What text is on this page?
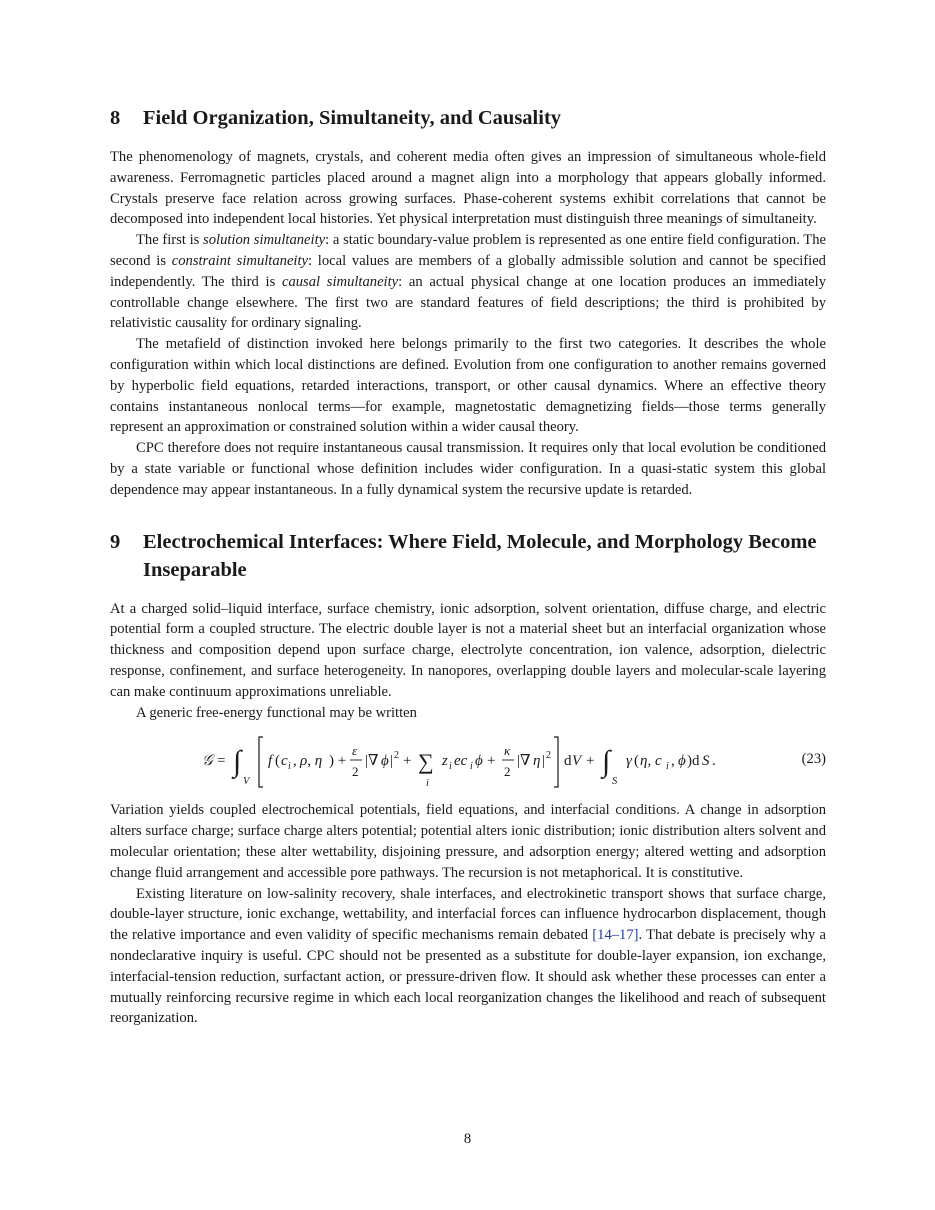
8	Field Organization, Simultaneity, and Causality

The phenomenology of magnets, crystals, and coherent media often gives an impression of simultaneous whole-field awareness. Ferromagnetic particles placed around a magnet align into a morphology that appears globally informed. Crystals preserve face relation across growing surfaces. Phase-coherent systems exhibit correlations that cannot be decomposed into independent local histories. Yet physical interpretation must distinguish three meanings of simultaneity.

The first is solution simultaneity: a static boundary-value problem is represented as one entire field configuration. The second is constraint simultaneity: local values are members of a globally admissible solution and cannot be specified independently. The third is causal simultaneity: an actual physical change at one location produces an immediately controllable change elsewhere. The first two are standard features of field descriptions; the third is prohibited by relativistic causality for ordinary signaling.

The metafield of distinction invoked here belongs primarily to the first two categories. It describes the whole configuration within which local distinctions are defined. Evolution from one configuration to another remains governed by hyperbolic field equations, retarded interactions, transport, or other causal dynamics. Where an effective theory contains instantaneous nonlocal terms—for example, magnetostatic demagnetizing fields—those terms generally represent an approximation or constrained solution within a wider causal theory.

CPC therefore does not require instantaneous causal transmission. It requires only that local evolution be conditioned by a state variable or functional whose definition includes wider configuration. In a quasi-static system this global dependence may appear instantaneous. In a fully dynamical system the recursive update is retarded.

9	Electrochemical Interfaces: Where Field, Molecule, and Morphology Become Inseparable

At a charged solid–liquid interface, surface chemistry, ionic adsorption, solvent orientation, diffuse charge, and electric potential form a coupled structure. The electric double layer is not a material sheet but an interfacial organization whose thickness and composition depend upon surface charge, electrolyte concentration, ion valence, adsorption, dielectric response, confinement, and surface heterogeneity. In nanopores, overlapping double layers and molecular-scale layering can make continuum approximations unreliable.

A generic free-energy functional may be written

𝒢 = ∫
V
f ( c i , ρ, η ) +
ε
2
|∇ ϕ | 2 + ∑
i
z i ec i ϕ +
κ
2
|∇ η | 2 d V + ∫
S
γ ( η, c i , ϕ )d S .	(23)

Variation yields coupled electrochemical potentials, field equations, and interfacial conditions. A change in adsorption alters surface charge; surface charge alters potential; potential alters ionic distribution; ionic distribution alters solvent and molecular orientation; these alter wettability, disjoining pressure, and adsorption energy; altered wetting and adsorption change fluid arrangement and accessible pore pathways. The recursion is not metaphorical. It is constitutive.

Existing literature on low-salinity recovery, shale interfaces, and electrokinetic transport shows that surface charge, double-layer structure, ionic exchange, wettability, and interfacial forces can influence hydrocarbon displacement, though the relative importance and even validity of specific mechanisms remain debated [14–17]. That debate is precisely why a nondeclarative inquiry is useful. CPC should not be presented as a substitute for double-layer expansion, ion exchange, interfacial-tension reduction, surfactant action, or pressure-driven flow. It should ask whether these processes can enter a mutually reinforcing recursive regime in which each local reorganization changes the likelihood and reach of subsequent reorganization.

8
